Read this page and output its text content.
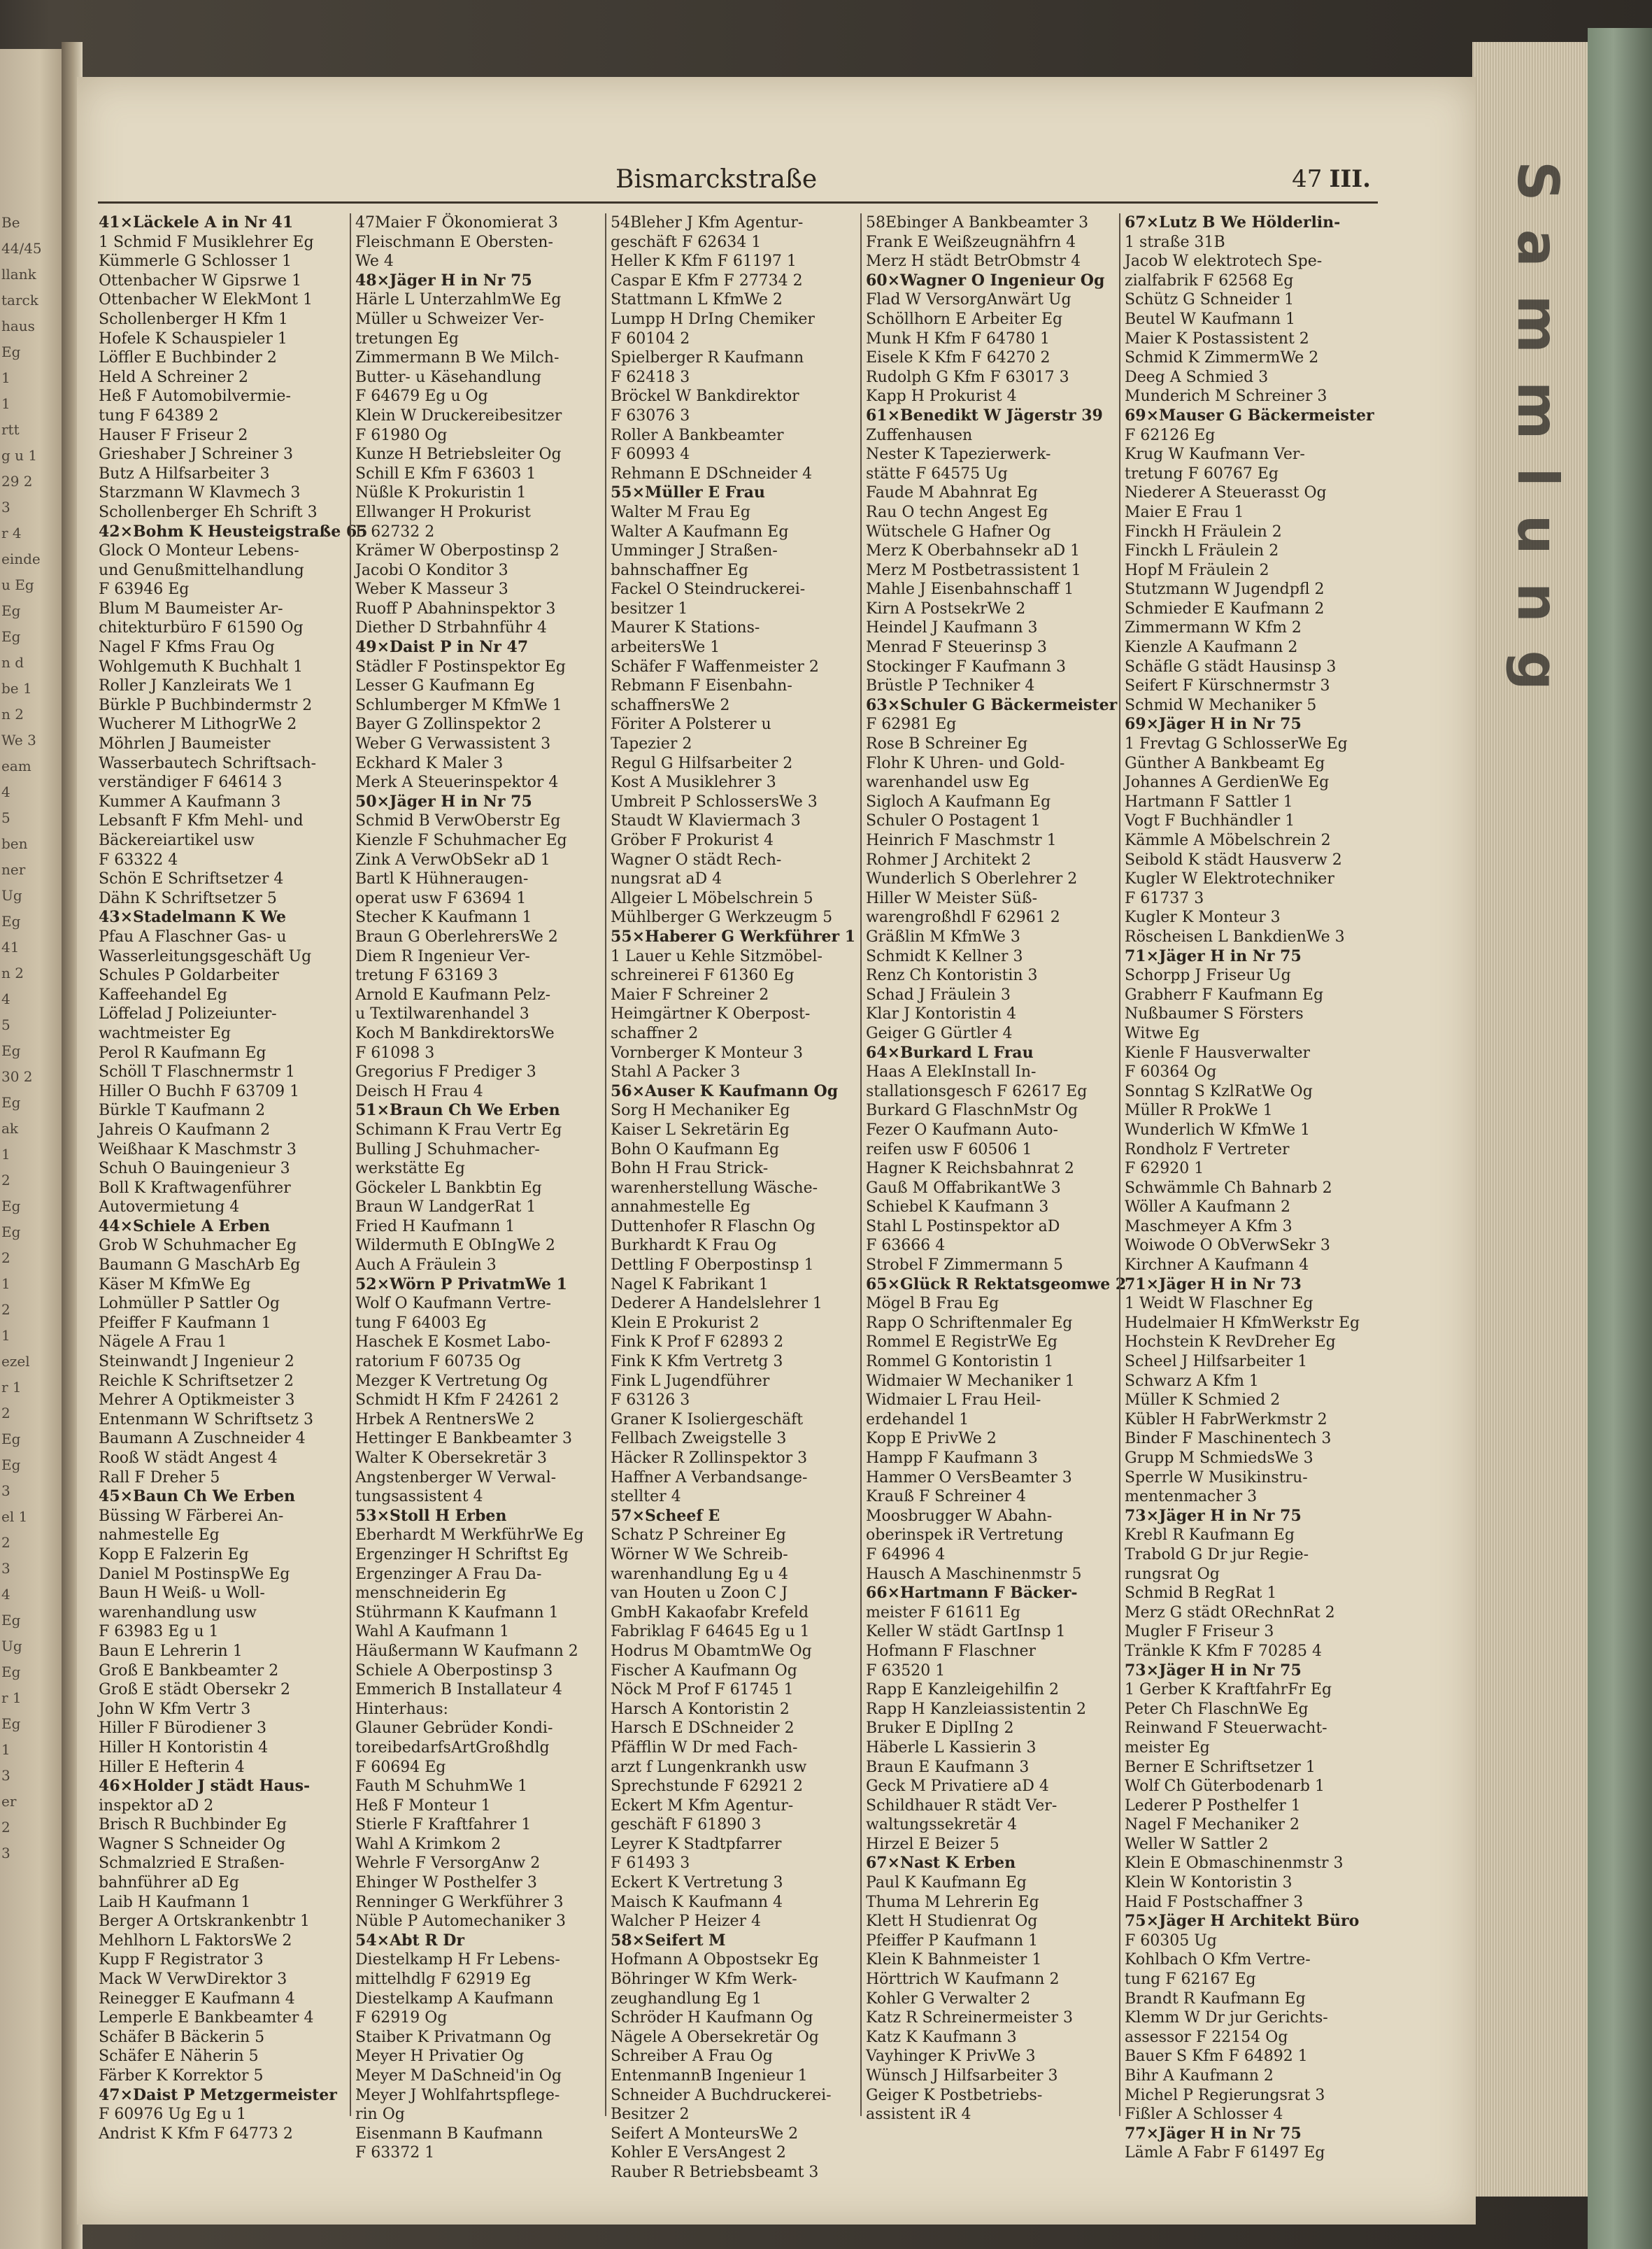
Be
44/45
llank
tarck
haus
Eg
1
1
rtt
g u 1
29 2
3
r 4
einde
u Eg
Eg
Eg
n d
be 1
n 2
We 3
eam
4
5
ben
ner
Ug
Eg
41
n 2
4
5
Eg
30 2
Eg
ak
1
2
Eg
Eg
2
1
2
1
ezel
r 1
2
Eg
Eg
3
el 1
2
3
4
Eg
Ug
Eg
r 1
Eg
1
3
er
2
3
Sammlung
Bismarckstraße	47 III.
41×Läckele A in Nr 41
1 Schmid F Musiklehrer Eg
Kümmerle G Schlosser 1
Ottenbacher W Gipsrwe 1
Ottenbacher W ElekMont 1
Schollenberger H Kfm 1
Hofele K Schauspieler 1
Löffler E Buchbinder 2
Held A Schreiner 2
Heß F Automobilvermie-
tung F 64389 2
Hauser F Friseur 2
Grieshaber J Schreiner 3
Butz A Hilfsarbeiter 3
Starzmann W Klavmech 3
Schollenberger Eh Schrift 3
42×Bohm K Heusteigstraße 65
Glock O Monteur Lebens-
und Genußmittelhandlung
F 63946 Eg
Blum M Baumeister Ar-
chitekturbüro F 61590 Og
Nagel F Kfms Frau Og
Wohlgemuth K Buchhalt 1
Roller J Kanzleirats We 1
Bürkle P Buchbindermstr 2
Wucherer M LithogrWe 2
Möhrlen J Baumeister
Wasserbautech Schriftsach-
verständiger F 64614 3
Kummer A Kaufmann 3
Lebsanft F Kfm Mehl- und
Bäckereiartikel usw
F 63322 4
Schön E Schriftsetzer 4
Dähn K Schriftsetzer 5
43×Stadelmann K We
Pfau A Flaschner Gas- u
Wasserleitungsgeschäft Ug
Schules P Goldarbeiter
Kaffeehandel Eg
Löffelad J Polizeiunter-
wachtmeister Eg
Perol R Kaufmann Eg
Schöll T Flaschnermstr 1
Hiller O Buchh F 63709 1
Bürkle T Kaufmann 2
Jahreis O Kaufmann 2
Weißhaar K Maschmstr 3
Schuh O Bauingenieur 3
Boll K Kraftwagenführer
Autovermietung 4
44×Schiele A Erben
Grob W Schuhmacher Eg
Baumann G MaschArb Eg
Käser M KfmWe Eg
Lohmüller P Sattler Og
Pfeiffer F Kaufmann 1
Nägele A Frau 1
Steinwandt J Ingenieur 2
Reichle K Schriftsetzer 2
Mehrer A Optikmeister 3
Entenmann W Schriftsetz 3
Baumann A Zuschneider 4
Rooß W städt Angest 4
Rall F Dreher 5
45×Baun Ch We Erben
Büssing W Färberei An-
nahmestelle Eg
Kopp E Falzerin Eg
Daniel M PostinspWe Eg
Baun H Weiß- u Woll-
warenhandlung usw
F 63983 Eg u 1
Baun E Lehrerin 1
Groß E Bankbeamter 2
Groß E städt Obersekr 2
John W Kfm Vertr 3
Hiller F Bürodiener 3
Hiller H Kontoristin 4
Hiller E Hefterin 4
46×Holder J städt Haus-
inspektor aD 2
Brisch R Buchbinder Eg
Wagner S Schneider Og
Schmalzried E Straßen-
bahnführer aD Eg
Laib H Kaufmann 1
Berger A Ortskrankenbtr 1
Mehlhorn L FaktorsWe 2
Kupp F Registrator 3
Mack W VerwDirektor 3
Reinegger E Kaufmann 4
Lemperle E Bankbeamter 4
Schäfer B Bäckerin 5
Schäfer E Näherin 5
Färber K Korrektor 5
47×Daist P Metzgermeister
F 60976 Ug Eg u 1
Andrist K Kfm F 64773 2
47Maier F Ökonomierat 3
Fleischmann E Obersten-
We 4
48×Jäger H in Nr 75
Härle L UnterzahlmWe Eg
Müller u Schweizer Ver-
tretungen Eg
Zimmermann B We Milch-
Butter- u Käsehandlung
F 64679 Eg u Og
Klein W Druckereibesitzer
F 61980 Og
Kunze H Betriebsleiter Og
Schill E Kfm F 63603 1
Nüßle K Prokuristin 1
Ellwanger H Prokurist
F 62732 2
Krämer W Oberpostinsp 2
Jacobi O Konditor 3
Weber K Masseur 3
Ruoff P Abahninspektor 3
Diether D Strbahnführ 4
49×Daist P in Nr 47
Städler F Postinspektor Eg
Lesser G Kaufmann Eg
Schlumberger M KfmWe 1
Bayer G Zollinspektor 2
Weber G Verwassistent 3
Eckhard K Maler 3
Merk A Steuerinspektor 4
50×Jäger H in Nr 75
Schmid B VerwOberstr Eg
Kienzle F Schuhmacher Eg
Zink A VerwObSekr aD 1
Bartl K Hühneraugen-
operat usw F 63694 1
Stecher K Kaufmann 1
Braun G OberlehrersWe 2
Diem R Ingenieur Ver-
tretung F 63169 3
Arnold E Kaufmann Pelz-
u Textilwarenhandel 3
Koch M BankdirektorsWe
F 61098 3
Gregorius F Prediger 3
Deisch H Frau 4
51×Braun Ch We Erben
Schimann K Frau Vertr Eg
Bulling J Schuhmacher-
werkstätte Eg
Göckeler L Bankbtin Eg
Braun W LandgerRat 1
Fried H Kaufmann 1
Wildermuth E ObIngWe 2
Auch A Fräulein 3
52×Wörn P PrivatmWe 1
Wolf O Kaufmann Vertre-
tung F 64003 Eg
Haschek E Kosmet Labo-
ratorium F 60735 Og
Mezger K Vertretung Og
Schmidt H Kfm F 24261 2
Hrbek A RentnersWe 2
Hettinger E Bankbeamter 3
Walter K Obersekretär 3
Angstenberger W Verwal-
tungsassistent 4
53×Stoll H Erben
Eberhardt M WerkführWe Eg
Ergenzinger H Schriftst Eg
Ergenzinger A Frau Da-
menschneiderin Eg
Stührmann K Kaufmann 1
Wahl A Kaufmann 1
Häußermann W Kaufmann 2
Schiele A Oberpostinsp 3
Emmerich B Installateur 4
Hinterhaus:
Glauner Gebrüder Kondi-
toreibedarfsArtGroßhdlg
F 60694 Eg
Fauth M SchuhmWe 1
Heß F Monteur 1
Stierle F Kraftfahrer 1
Wahl A Krimkom 2
Wehrle F VersorgAnw 2
Ehinger W Posthelfer 3
Renninger G Werkführer 3
Nüble P Automechaniker 3
54×Abt R Dr
Diestelkamp H Fr Lebens-
mittelhdlg F 62919 Eg
Diestelkamp A Kaufmann
F 62919 Og
Staiber K Privatmann Og
Meyer H Privatier Og
Meyer M DaSchneid'in Og
Meyer J Wohlfahrtspflege-
rin Og
Eisenmann B Kaufmann
F 63372 1
54Bleher J Kfm Agentur-
geschäft F 62634 1
Heller K Kfm F 61197 1
Caspar E Kfm F 27734 2
Stattmann L KfmWe 2
Lumpp H DrIng Chemiker
F 60104 2
Spielberger R Kaufmann
F 62418 3
Bröckel W Bankdirektor
F 63076 3
Roller A Bankbeamter
F 60993 4
Rehmann E DSchneider 4
55×Müller E Frau
Walter M Frau Eg
Walter A Kaufmann Eg
Umminger J Straßen-
bahnschaffner Eg
Fackel O Steindruckerei-
besitzer 1
Maurer K Stations-
arbeitersWe 1
Schäfer F Waffenmeister 2
Rebmann F Eisenbahn-
schaffnersWe 2
Föriter A Polsterer u
Tapezier 2
Regul G Hilfsarbeiter 2
Kost A Musiklehrer 3
Umbreit P SchlossersWe 3
Staudt W Klaviermach 3
Gröber F Prokurist 4
Wagner O städt Rech-
nungsrat aD 4
Allgeier L Möbelschrein 5
Mühlberger G Werkzeugm 5
55×Haberer G Werkführer 1
1 Lauer u Kehle Sitzmöbel-
schreinerei F 61360 Eg
Maier F Schreiner 2
Heimgärtner K Oberpost-
schaffner 2
Vornberger K Monteur 3
Stahl A Packer 3
56×Auser K Kaufmann Og
Sorg H Mechaniker Eg
Kaiser L Sekretärin Eg
Bohn O Kaufmann Eg
Bohn H Frau Strick-
warenherstellung Wäsche-
annahmestelle Eg
Duttenhofer R Flaschn Og
Burkhardt K Frau Og
Dettling F Oberpostinsp 1
Nagel K Fabrikant 1
Dederer A Handelslehrer 1
Klein E Prokurist 2
Fink K Prof F 62893 2
Fink K Kfm Vertretg 3
Fink L Jugendführer
F 63126 3
Graner K Isoliergeschäft
Fellbach Zweigstelle 3
Häcker R Zollinspektor 3
Haffner A Verbandsange-
stellter 4
57×Scheef E
Schatz P Schreiner Eg
Wörner W We Schreib-
warenhandlung Eg u 4
van Houten u Zoon C J
GmbH Kakaofabr Krefeld
Fabriklag F 64645 Eg u 1
Hodrus M ObamtmWe Og
Fischer A Kaufmann Og
Nöck M Prof F 61745 1
Harsch A Kontoristin 2
Harsch E DSchneider 2
Pfäfflin W Dr med Fach-
arzt f Lungenkrankh usw
Sprechstunde F 62921 2
Eckert M Kfm Agentur-
geschäft F 61890 3
Leyrer K Stadtpfarrer
F 61493 3
Eckert K Vertretung 3
Maisch K Kaufmann 4
Walcher P Heizer 4
58×Seifert M
Hofmann A Obpostsekr Eg
Böhringer W Kfm Werk-
zeughandlung Eg 1
Schröder H Kaufmann Og
Nägele A Obersekretär Og
Schreiber A Frau Og
EntenmannB Ingenieur 1
Schneider A Buchdruckerei-
Besitzer 2
Seifert A MonteursWe 2
Kohler E VersAngest 2
Rauber R Betriebsbeamt 3
58Ebinger A Bankbeamter 3
Frank E Weißzeugnähfrn 4
Merz H städt BetrObmstr 4
60×Wagner O Ingenieur Og
Flad W VersorgAnwärt Ug
Schöllhorn E Arbeiter Eg
Munk H Kfm F 64780 1
Eisele K Kfm F 64270 2
Rudolph G Kfm F 63017 3
Kapp H Prokurist 4
61×Benedikt W Jägerstr 39
Zuffenhausen
Nester K Tapezierwerk-
stätte F 64575 Ug
Faude M Abahnrat Eg
Rau O techn Angest Eg
Wütschele G Hafner Og
Merz K Oberbahnsekr aD 1
Merz M Postbetrassistent 1
Mahle J Eisenbahnschaff 1
Kirn A PostsekrWe 2
Heindel J Kaufmann 3
Menrad F Steuerinsp 3
Stockinger F Kaufmann 3
Brüstle P Techniker 4
63×Schuler G Bäckermeister
F 62981 Eg
Rose B Schreiner Eg
Flohr K Uhren- und Gold-
warenhandel usw Eg
Sigloch A Kaufmann Eg
Schuler O Postagent 1
Heinrich F Maschmstr 1
Rohmer J Architekt 2
Wunderlich S Oberlehrer 2
Hiller W Meister Süß-
warengroßhdl F 62961 2
Gräßlin M KfmWe 3
Schmidt K Kellner 3
Renz Ch Kontoristin 3
Schad J Fräulein 3
Klar J Kontoristin 4
Geiger G Gürtler 4
64×Burkard L Frau
Haas A ElekInstall In-
stallationsgesch F 62617 Eg
Burkard G FlaschnMstr Og
Fezer O Kaufmann Auto-
reifen usw F 60506 1
Hagner K Reichsbahnrat 2
Gauß M OffabrikantWe 3
Schiebel K Kaufmann 3
Stahl L Postinspektor aD
F 63666 4
Strobel F Zimmermann 5
65×Glück R Rektatsgeomwe 2
Mögel B Frau Eg
Rapp O Schriftenmaler Eg
Rommel E RegistrWe Eg
Rommel G Kontoristin 1
Widmaier W Mechaniker 1
Widmaier L Frau Heil-
erdehandel 1
Kopp E PrivWe 2
Hampp F Kaufmann 3
Hammer O VersBeamter 3
Krauß F Schreiner 4
Moosbrugger W Abahn-
oberinspek iR Vertretung
F 64996 4
Hausch A Maschinenmstr 5
66×Hartmann F Bäcker-
meister F 61611 Eg
Keller W städt GartInsp 1
Hofmann F Flaschner
F 63520 1
Rapp E Kanzleigehilfin 2
Rapp H Kanzleiassistentin 2
Bruker E DiplIng 2
Häberle L Kassierin 3
Braun E Kaufmann 3
Geck M Privatiere aD 4
Schildhauer R städt Ver-
waltungssekretär 4
Hirzel E Beizer 5
67×Nast K Erben
Paul K Kaufmann Eg
Thuma M Lehrerin Eg
Klett H Studienrat Og
Pfeiffer P Kaufmann 1
Klein K Bahnmeister 1
Hörttrich W Kaufmann 2
Kohler G Verwalter 2
Katz R Schreinermeister 3
Katz K Kaufmann 3
Vayhinger K PrivWe 3
Wünsch J Hilfsarbeiter 3
Geiger K Postbetriebs-
assistent iR 4
67×Lutz B We Hölderlin-
1 straße 31B
Jacob W elektrotech Spe-
zialfabrik F 62568 Eg
Schütz G Schneider 1
Beutel W Kaufmann 1
Maier K Postassistent 2
Schmid K ZimmermWe 2
Deeg A Schmied 3
Munderich M Schreiner 3
69×Mauser G Bäckermeister
F 62126 Eg
Krug W Kaufmann Ver-
tretung F 60767 Eg
Niederer A Steuerasst Og
Maier E Frau 1
Finckh H Fräulein 2
Finckh L Fräulein 2
Hopf M Fräulein 2
Stutzmann W Jugendpfl 2
Schmieder E Kaufmann 2
Zimmermann W Kfm 2
Kienzle A Kaufmann 2
Schäfle G städt Hausinsp 3
Seifert F Kürschnermstr 3
Schmid W Mechaniker 5
69×Jäger H in Nr 75
1 Frevtag G SchlosserWe Eg
Günther A Bankbeamt Eg
Johannes A GerdienWe Eg
Hartmann F Sattler 1
Vogt F Buchhändler 1
Kämmle A Möbelschrein 2
Seibold K städt Hausverw 2
Kugler W Elektrotechniker
F 61737 3
Kugler K Monteur 3
Röscheisen L BankdienWe 3
71×Jäger H in Nr 75
Schorpp J Friseur Ug
Grabherr F Kaufmann Eg
Nußbaumer S Försters
Witwe Eg
Kienle F Hausverwalter
F 60364 Og
Sonntag S KzlRatWe Og
Müller R ProkWe 1
Wunderlich W KfmWe 1
Rondholz F Vertreter
F 62920 1
Schwämmle Ch Bahnarb 2
Wöller A Kaufmann 2
Maschmeyer A Kfm 3
Woiwode O ObVerwSekr 3
Kirchner A Kaufmann 4
71×Jäger H in Nr 73
1 Weidt W Flaschner Eg
Hudelmaier H KfmWerkstr Eg
Hochstein K RevDreher Eg
Scheel J Hilfsarbeiter 1
Schwarz A Kfm 1
Müller K Schmied 2
Kübler H FabrWerkmstr 2
Binder F Maschinentech 3
Grupp M SchmiedsWe 3
Sperrle W Musikinstru-
mentenmacher 3
73×Jäger H in Nr 75
Krebl R Kaufmann Eg
Trabold G Dr jur Regie-
rungsrat Og
Schmid B RegRat 1
Merz G städt ORechnRat 2
Mugler F Friseur 3
Tränkle K Kfm F 70285 4
73×Jäger H in Nr 75
1 Gerber K KraftfahrFr Eg
Peter Ch FlaschnWe Eg
Reinwand F Steuerwacht-
meister Eg
Berner E Schriftsetzer 1
Wolf Ch Güterbodenarb 1
Lederer P Posthelfer 1
Nagel F Mechaniker 2
Weller W Sattler 2
Klein E Obmaschinenmstr 3
Klein W Kontoristin 3
Haid F Postschaffner 3
75×Jäger H Architekt Büro
F 60305 Ug
Kohlbach O Kfm Vertre-
tung F 62167 Eg
Brandt R Kaufmann Eg
Klemm W Dr jur Gerichts-
assessor F 22154 Og
Bauer S Kfm F 64892 1
Bihr A Kaufmann 2
Michel P Regierungsrat 3
Fißler A Schlosser 4
77×Jäger H in Nr 75
Lämle A Fabr F 61497 Eg
